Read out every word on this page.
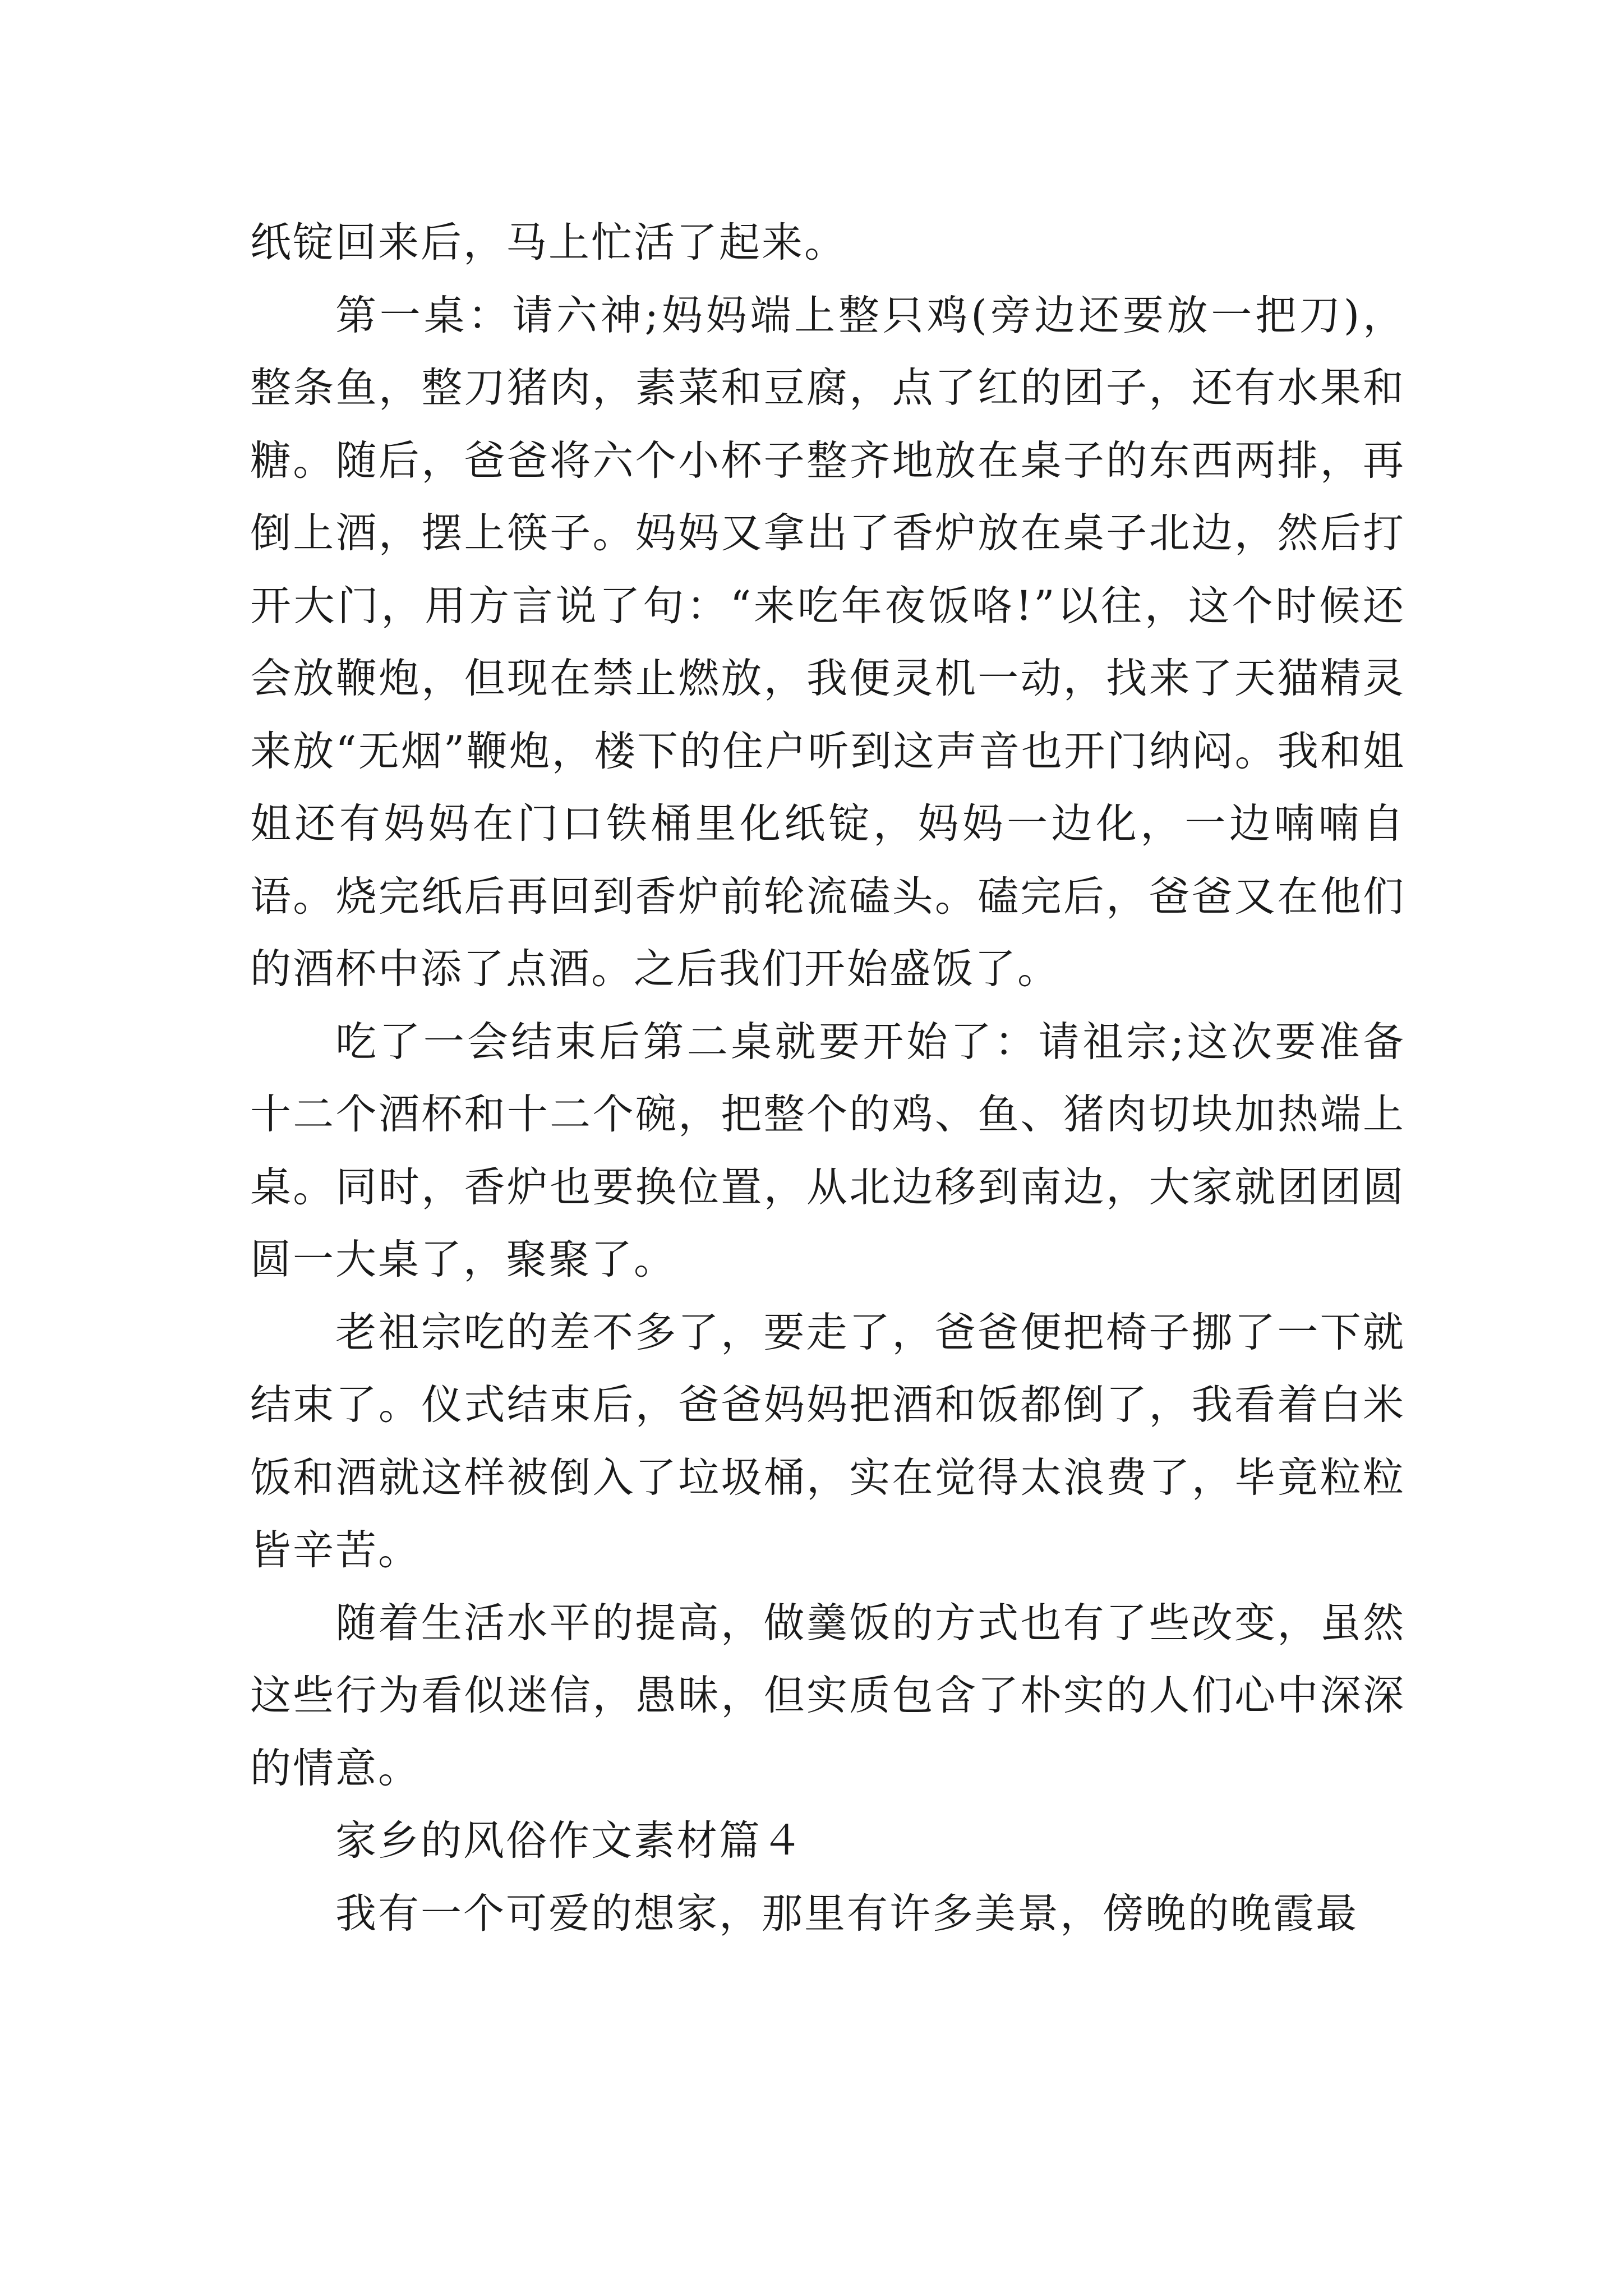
纸锭回来后，马上忙活了起来。

第一桌：请六神;妈妈端上整只鸡(旁边还要放一把刀)，整条鱼，整刀猪肉，素菜和豆腐，点了红的团子，还有水果和糖。随后，爸爸将六个小杯子整齐地放在桌子的东西两排，再倒上酒，摆上筷子。妈妈又拿出了香炉放在桌子北边，然后打开大门，用方言说了句：“来吃年夜饭咯!”以往，这个时候还会放鞭炮，但现在禁止燃放，我便灵机一动，找来了天猫精灵来放“无烟”鞭炮，楼下的住户听到这声音也开门纳闷。我和姐姐还有妈妈在门口铁桶里化纸锭，妈妈一边化，一边喃喃自语。烧完纸后再回到香炉前轮流磕头。磕完后，爸爸又在他们的酒杯中添了点酒。之后我们开始盛饭了。

吃了一会结束后第二桌就要开始了：请祖宗;这次要准备十二个酒杯和十二个碗，把整个的鸡、鱼、猪肉切块加热端上桌。同时，香炉也要换位置，从北边移到南边，大家就团团圆圆一大桌了，聚聚了。

老祖宗吃的差不多了，要走了，爸爸便把椅子挪了一下就结束了。仪式结束后，爸爸妈妈把酒和饭都倒了，我看着白米饭和酒就这样被倒入了垃圾桶，实在觉得太浪费了，毕竟粒粒皆辛苦。

随着生活水平的提高，做羹饭的方式也有了些改变，虽然这些行为看似迷信，愚昧，但实质包含了朴实的人们心中深深的情意。

家乡的风俗作文素材篇４

我有一个可爱的想家，那里有许多美景，傍晚的晚霞最
